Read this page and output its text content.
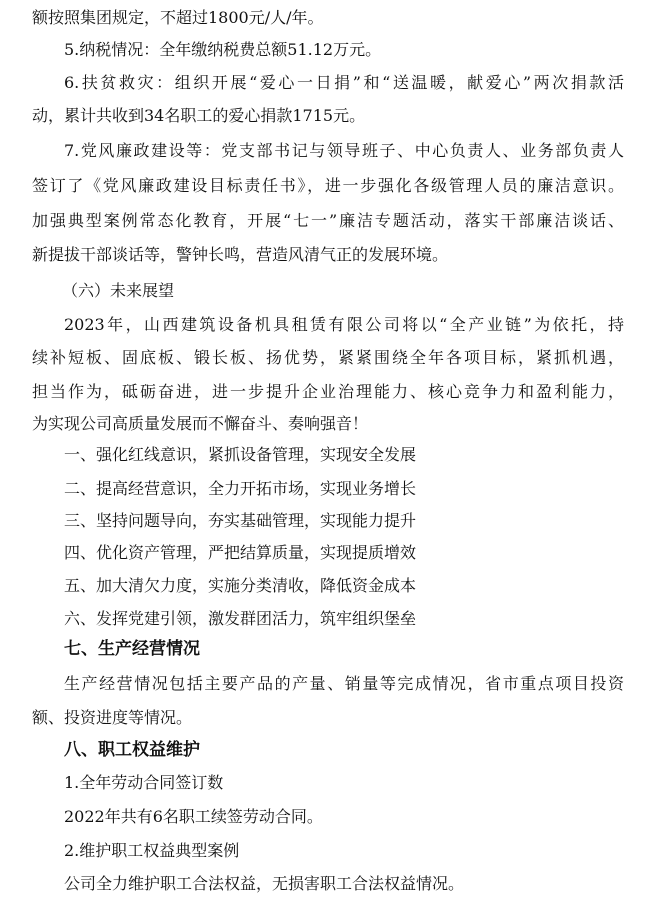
额按照集团规定，不超过1800元/人/年。
5.纳税情况：全年缴纳税费总额51.12万元。
6.扶贫救灾：组织开展“爱心一日捐”和“送温暖，献爱心”两次捐款活
动，累计共收到34名职工的爱心捐款1715元。
7.党风廉政建设等：党支部书记与领导班子、中心负责人、业务部负责人
签订了《党风廉政建设目标责任书》，进一步强化各级管理人员的廉洁意识。
加强典型案例常态化教育，开展“七一”廉洁专题活动，落实干部廉洁谈话、
新提拔干部谈话等，警钟长鸣，营造风清气正的发展环境。
（六）未来展望
2023年，山西建筑设备机具租赁有限公司将以“全产业链”为依托，持
续补短板、固底板、锻长板、扬优势，紧紧围绕全年各项目标，紧抓机遇，
担当作为，砥砺奋进，进一步提升企业治理能力、核心竞争力和盈利能力，
为实现公司高质量发展而不懈奋斗、奏响强音！
一、强化红线意识，紧抓设备管理，实现安全发展
二、提高经营意识，全力开拓市场，实现业务增长
三、坚持问题导向，夯实基础管理，实现能力提升
四、优化资产管理，严把结算质量，实现提质增效
五、加大清欠力度，实施分类清收，降低资金成本
六、发挥党建引领，激发群团活力，筑牢组织堡垒
七、生产经营情况
生产经营情况包括主要产品的产量、销量等完成情况，省市重点项目投资
额、投资进度等情况。
八、职工权益维护
1.全年劳动合同签订数
2022年共有6名职工续签劳动合同。
2.维护职工权益典型案例
公司全力维护职工合法权益，无损害职工合法权益情况。
